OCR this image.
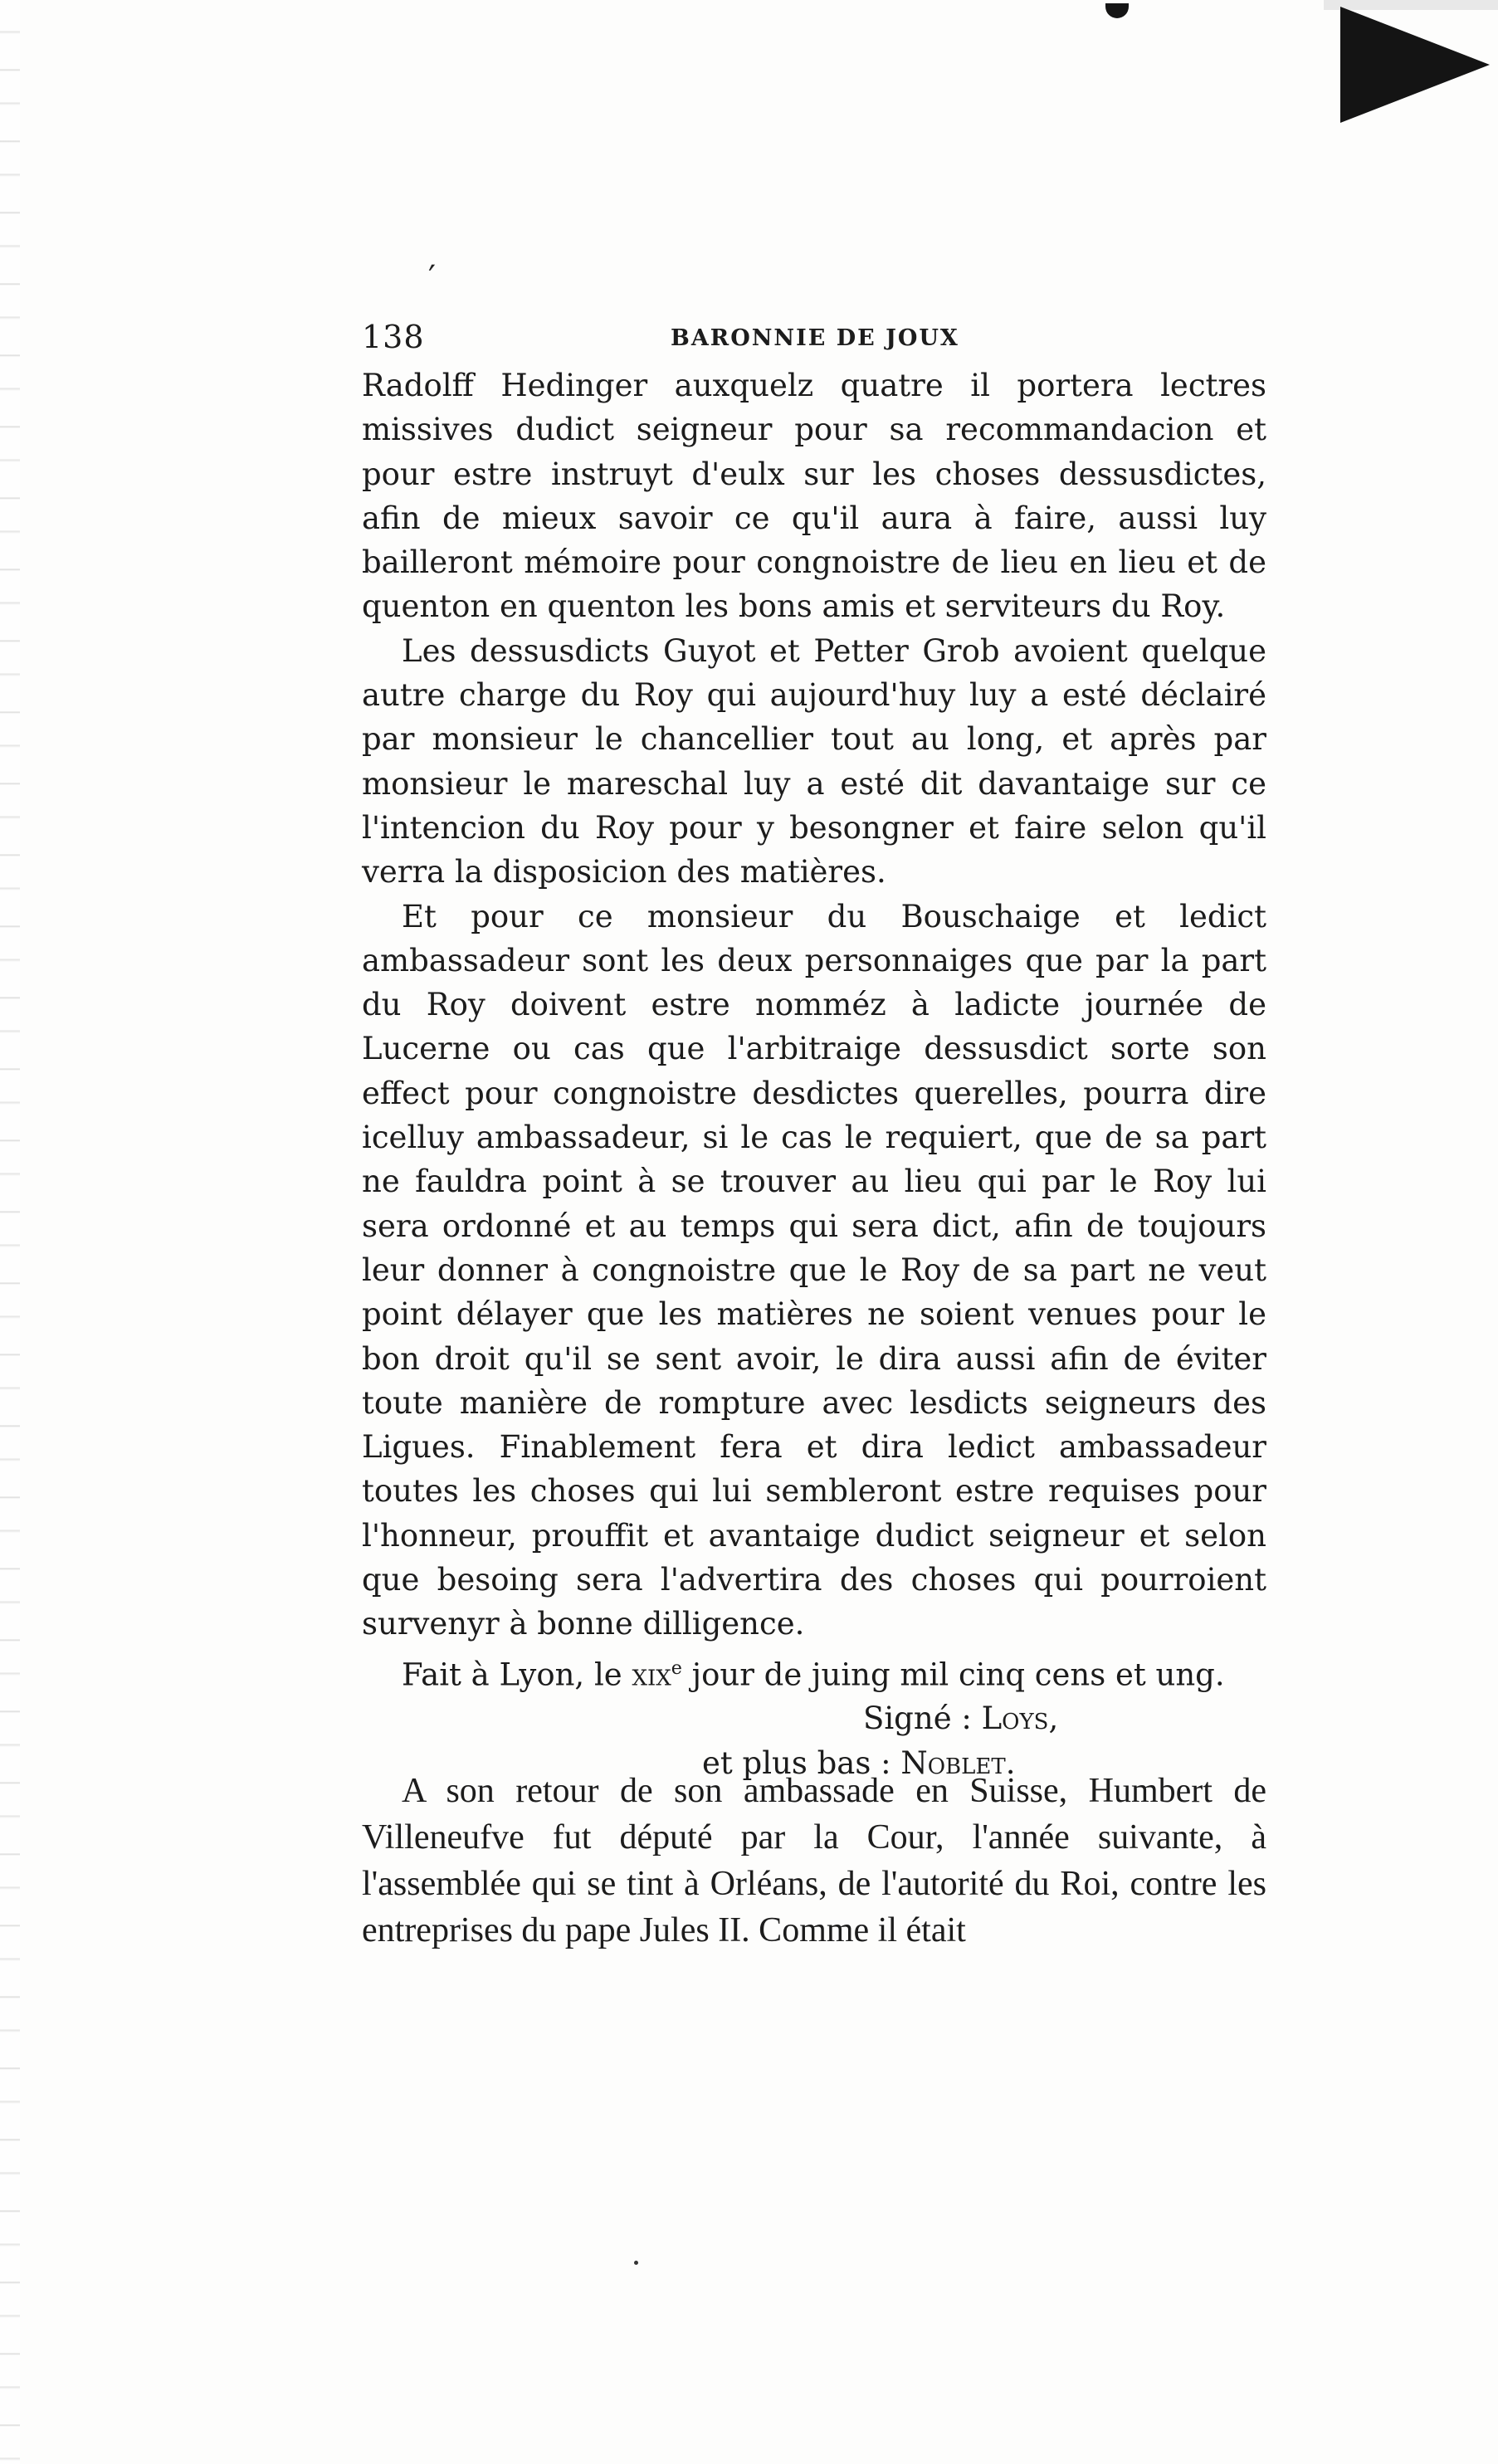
′
138	BARONNIE DE JOUX

Radolff Hedinger auxquelz quatre il portera lectres missives dudict seigneur pour sa recommandacion et pour estre instruyt d'eulx sur les choses dessusdictes, afin de mieux savoir ce qu'il aura à faire, aussi luy bailleront mémoire pour congnoistre de lieu en lieu et de quenton en quenton les bons amis et serviteurs du Roy.

Les dessusdicts Guyot et Petter Grob avoient quelque autre charge du Roy qui aujourd'huy luy a esté déclairé par monsieur le chancellier tout au long, et après par monsieur le mareschal luy a esté dit davantaige sur ce l'intencion du Roy pour y besongner et faire selon qu'il verra la disposicion des matières.

Et pour ce monsieur du Bouschaige et ledict ambassadeur sont les deux personnaiges que par la part du Roy doivent estre nomméz à ladicte journée de Lucerne ou cas que l'arbitraige dessusdict sorte son effect pour congnoistre desdictes querelles, pourra dire icelluy ambassadeur, si le cas le requiert, que de sa part ne fauldra point à se trouver au lieu qui par le Roy lui sera ordonné et au temps qui sera dict, afin de toujours leur donner à congnoistre que le Roy de sa part ne veut point délayer que les matières ne soient venues pour le bon droit qu'il se sent avoir, le dira aussi afin de éviter toute manière de rompture avec lesdicts seigneurs des Ligues. Finablement fera et dira ledict ambassadeur toutes les choses qui lui sembleront estre requises pour l'honneur, prouffit et avantaige dudict seigneur et selon que besoing sera l'advertira des choses qui pourroient survenyr à bonne dilligence.

Fait à Lyon, le xix$^e$ jour de juing mil cinq cens et ung.

Signé : Loys,

et plus bas : Noblet.

A son retour de son ambassade en Suisse, Humbert de Villeneufve fut député par la Cour, l'année suivante, à l'assemblée qui se tint à Orléans, de l'autorité du Roi, contre les entreprises du pape Jules II. Comme il était
